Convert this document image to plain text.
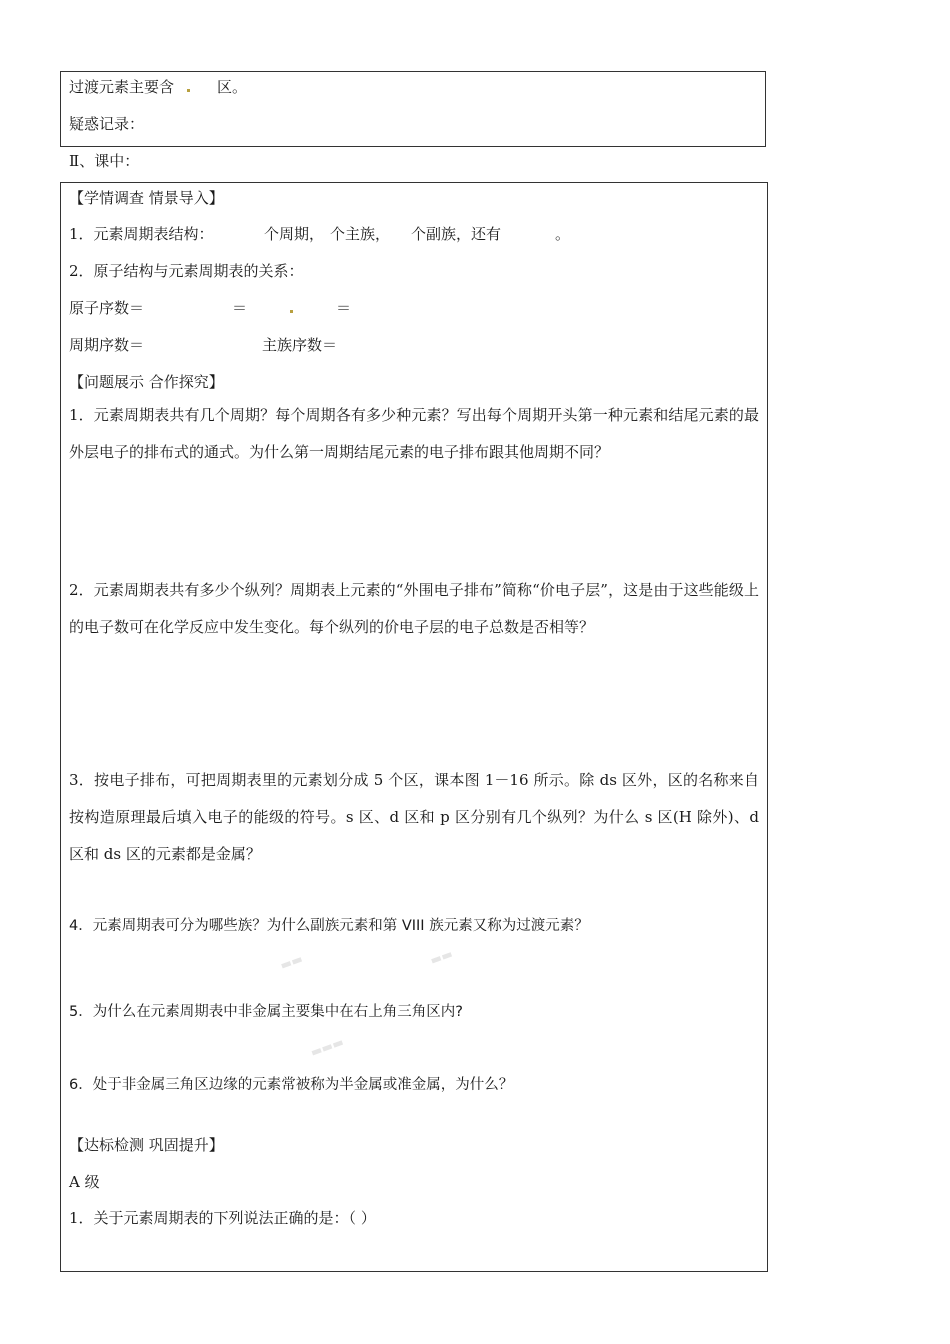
过渡元素主要含	区。
疑惑记录：
Ⅱ、课中：
【学情调查 情景导入】
1．元素周期表结构：	个周期， 个主族， 个副族，还有	。
2．原子结构与元素周期表的关系：
原子序数＝	＝	＝
周期序数＝	主族序数＝
【问题展示 合作探究】
1．元素周期表共有几个周期？每个周期各有多少种元素？写出每个周期开头第一种元素和结尾元素的最外层电子的排布式的通式。为什么第一周期结尾元素的电子排布跟其他周期不同？
2．元素周期表共有多少个纵列？周期表上元素的“外围电子排布”简称“价电子层”，这是由于这些能级上的电子数可在化学反应中发生变化。每个纵列的价电子层的电子总数是否相等？
3．按电子排布，可把周期表里的元素划分成 5 个区，课本图 1－16 所示。除 ds 区外，区的名称来自按构造原理最后填入电子的能级的符号。s 区、d 区和 p 区分别有几个纵列？为什么 s 区(H 除外)、d 区和 ds 区的元素都是金属？
4．元素周期表可分为哪些族？为什么副族元素和第 VIII 族元素又称为过渡元素？
5．为什么在元素周期表中非金属主要集中在右上角三角区内?
6．处于非金属三角区边缘的元素常被称为半金属或准金属，为什么？
▬▬	▬▬
▬▬▬
【达标检测 巩固提升】
A 级
1．关于元素周期表的下列说法正确的是：（ ）
